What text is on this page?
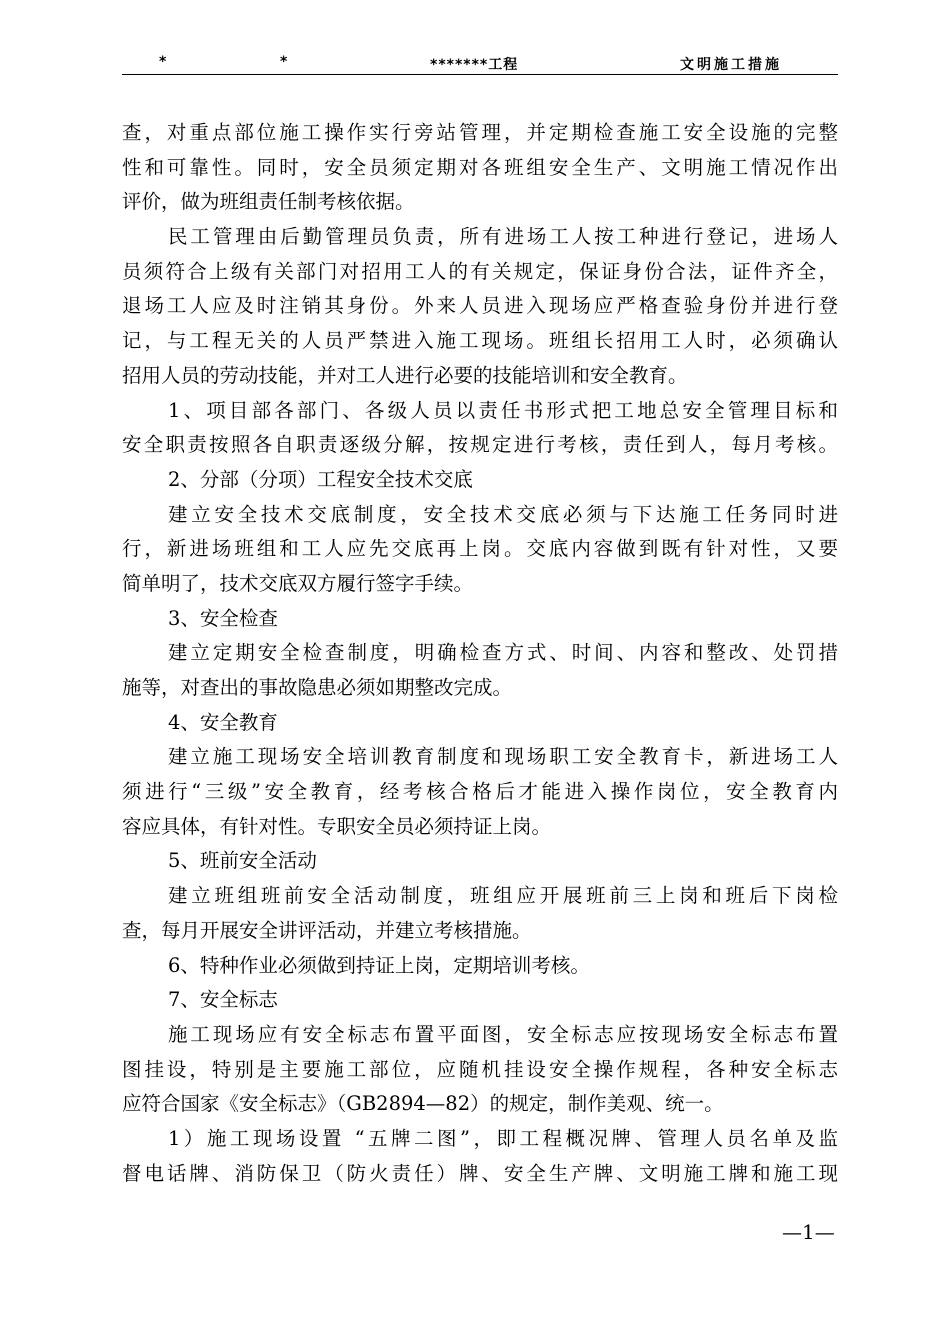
*	*	*******工程	文明施工措施
查，对重点部位施工操作实行旁站管理，并定期检查施工安全设施的完整
性和可靠性。同时，安全员须定期对各班组安全生产、文明施工情况作出
评价，做为班组责任制考核依据。
民工管理由后勤管理员负责，所有进场工人按工种进行登记，进场人
员须符合上级有关部门对招用工人的有关规定，保证身份合法，证件齐全，
退场工人应及时注销其身份。外来人员进入现场应严格查验身份并进行登
记，与工程无关的人员严禁进入施工现场。班组长招用工人时，必须确认
招用人员的劳动技能，并对工人进行必要的技能培训和安全教育。
1、项目部各部门、各级人员以责任书形式把工地总安全管理目标和
安全职责按照各自职责逐级分解，按规定进行考核，责任到人，每月考核。
2、分部（分项）工程安全技术交底
建立安全技术交底制度，安全技术交底必须与下达施工任务同时进
行，新进场班组和工人应先交底再上岗。交底内容做到既有针对性，又要
简单明了，技术交底双方履行签字手续。
3、安全检查
建立定期安全检查制度，明确检查方式、时间、内容和整改、处罚措
施等，对查出的事故隐患必须如期整改完成。
4、安全教育
建立施工现场安全培训教育制度和现场职工安全教育卡，新进场工人
须进行“三级”安全教育，经考核合格后才能进入操作岗位，安全教育内
容应具体，有针对性。专职安全员必须持证上岗。
5、班前安全活动
建立班组班前安全活动制度，班组应开展班前三上岗和班后下岗检
查，每月开展安全讲评活动，并建立考核措施。
6、特种作业必须做到持证上岗，定期培训考核。
7、安全标志
施工现场应有安全标志布置平面图，安全标志应按现场安全标志布置
图挂设，特别是主要施工部位，应随机挂设安全操作规程，各种安全标志
应符合国家《安全标志》（GB2894—82）的规定，制作美观、统一。
1）施工现场设置 “五牌二图”，即工程概况牌、管理人员名单及监
督电话牌、消防保卫（防火责任）牌、安全生产牌、文明施工牌和施工现
—1—
